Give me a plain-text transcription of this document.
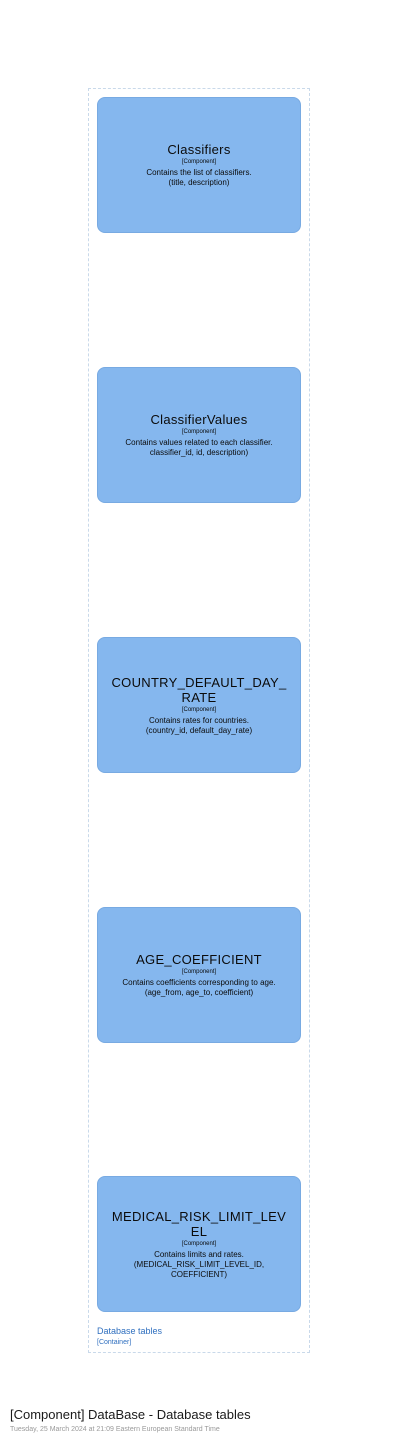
Classifiers
[Component]
Contains the list of classifiers.
(title, description)
ClassifierValues
[Component]
Contains values related to each classifier.
classifier_id, id, description)
COUNTRY_DEFAULT_DAY_RATE
[Component]
Contains rates for countries.
(country_id, default_day_rate)
AGE_COEFFICIENT
[Component]
Contains coefficients corresponding to age.
(age_from, age_to, coefficient)
MEDICAL_RISK_LIMIT_LEVEL
[Component]
Contains limits and rates.
(MEDICAL_RISK_LIMIT_LEVEL_ID, COEFFICIENT)
Database tables
[Container]
[Component] DataBase - Database tables
Tuesday, 25 March 2024 at 21:09 Eastern European Standard Time
